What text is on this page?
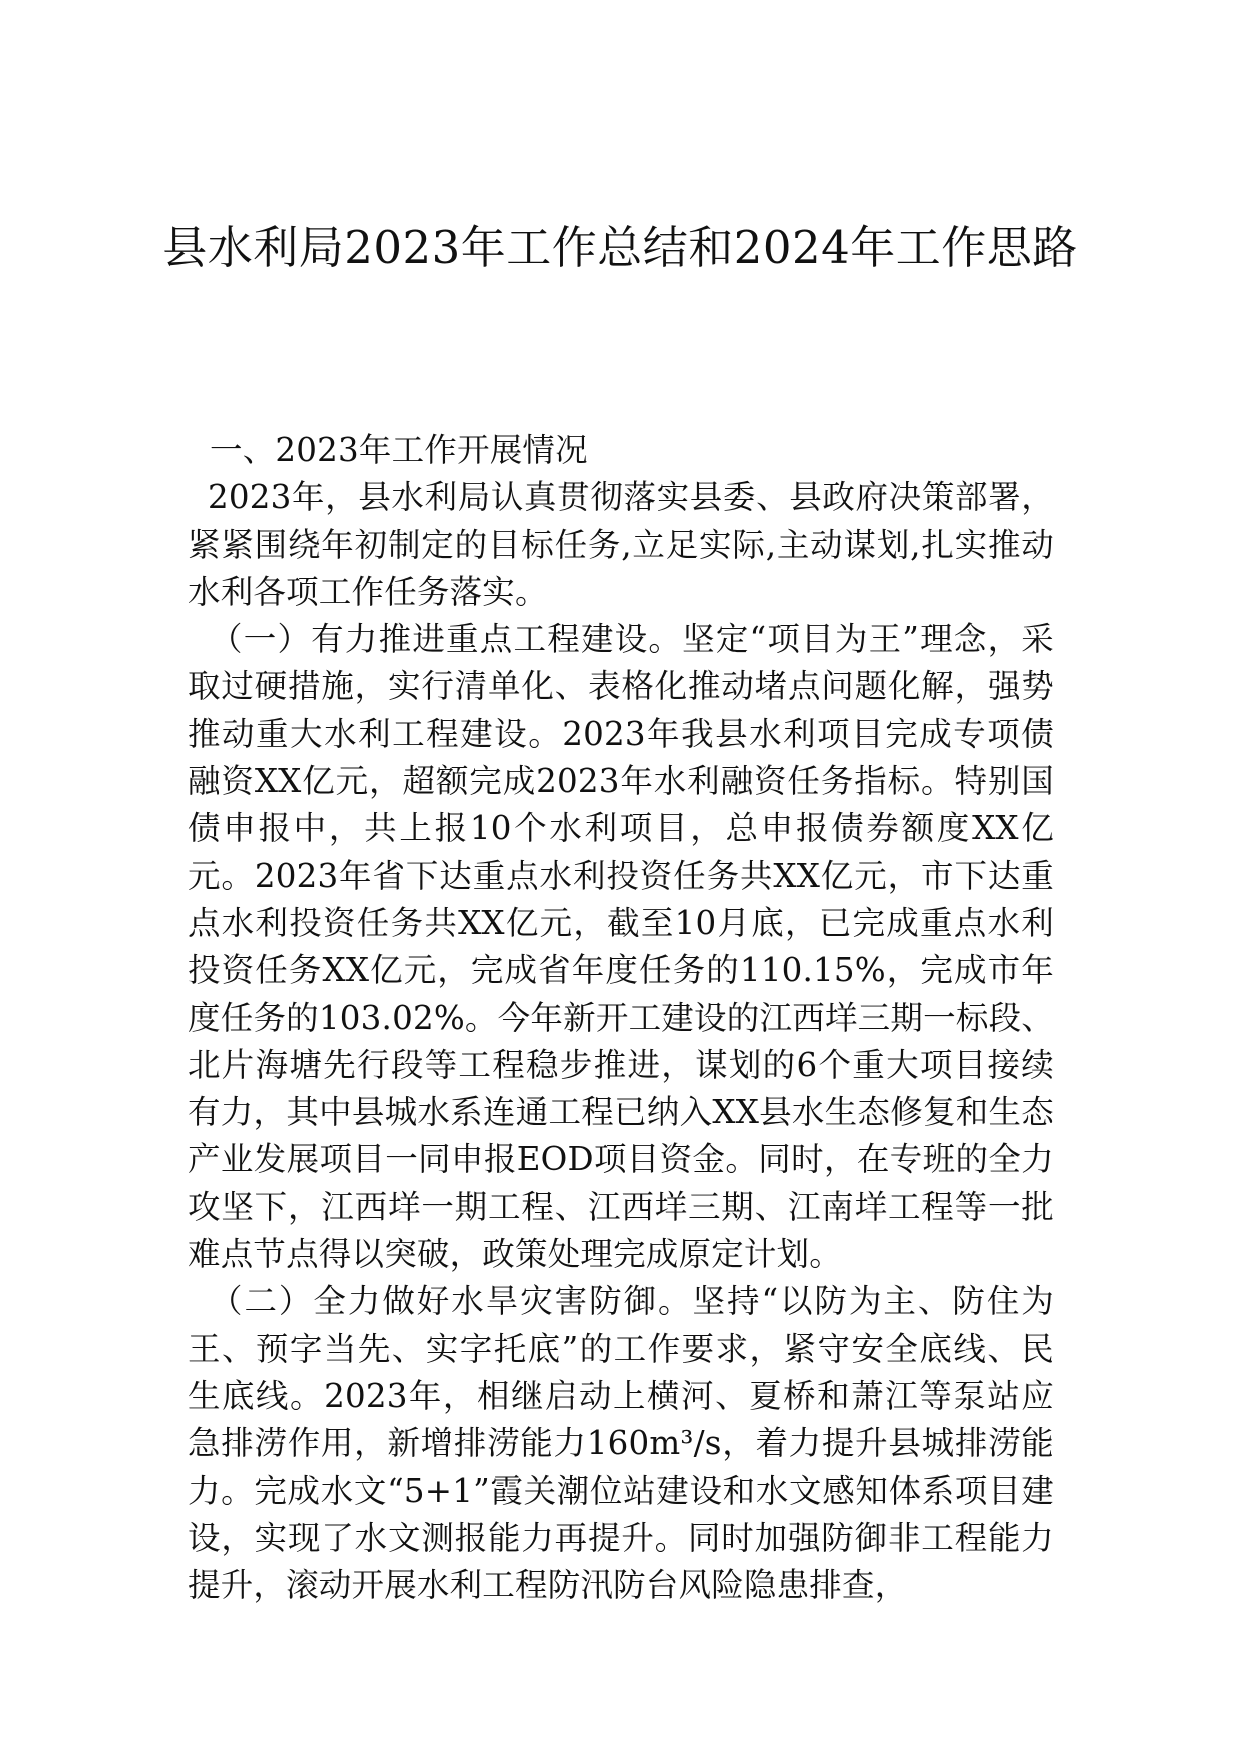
县水利局2023年工作总结和2024年工作思路

一、2023年工作开展情况

2023年，县水利局认真贯彻落实县委、县政府决策部署，紧紧围绕年初制定的目标任务,立足实际,主动谋划,扎实推动水利各项工作任务落实。

（一）有力推进重点工程建设。坚定“项目为王”理念，采取过硬措施，实行清单化、表格化推动堵点问题化解，强势推动重大水利工程建设。2023年我县水利项目完成专项债融资XX亿元，超额完成2023年水利融资任务指标。特别国债申报中，共上报10个水利项目，总申报债券额度XX亿元。2023年省下达重点水利投资任务共XX亿元，市下达重点水利投资任务共XX亿元，截至10月底，已完成重点水利投资任务XX亿元，完成省年度任务的110.15%，完成市年度任务的103.02%。今年新开工建设的江西垟三期一标段、北片海塘先行段等工程稳步推进，谋划的6个重大项目接续有力，其中县城水系连通工程已纳入XX县水生态修复和生态产业发展项目一同申报EOD项目资金。同时，在专班的全力攻坚下，江西垟一期工程、江西垟三期、江南垟工程等一批难点节点得以突破，政策处理完成原定计划。

（二）全力做好水旱灾害防御。坚持“以防为主、防住为王、预字当先、实字托底”的工作要求，紧守安全底线、民生底线。2023年，相继启动上横河、夏桥和萧江等泵站应急排涝作用，新增排涝能力160m³/s，着力提升县城排涝能力。完成水文“5+1”霞关潮位站建设和水文感知体系项目建设，实现了水文测报能力再提升。同时加强防御非工程能力提升，滚动开展水利工程防汛防台风险隐患排查，
